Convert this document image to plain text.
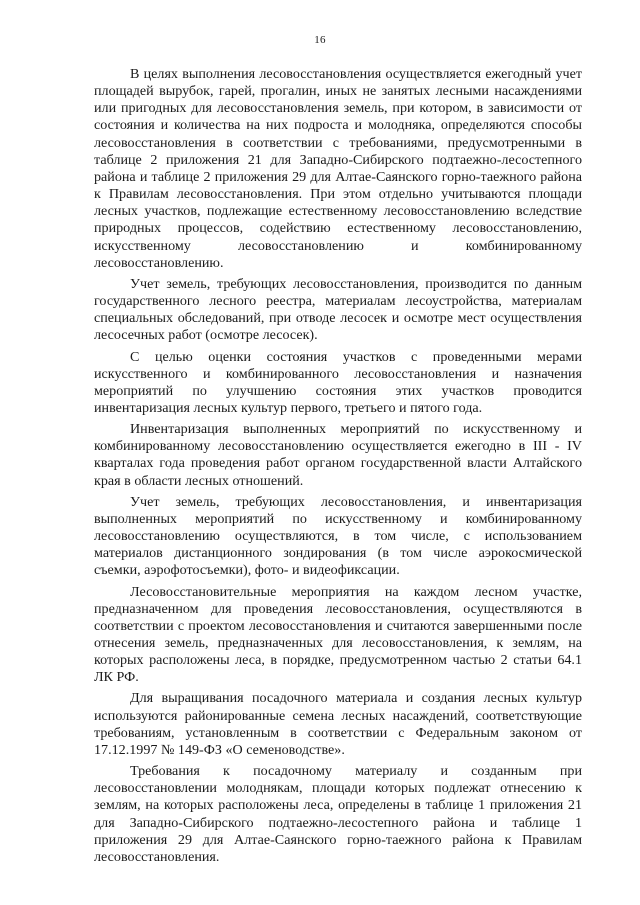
16

В целях выполнения лесовосстановления осуществляется ежегодный учет площадей вырубок, гарей, прогалин, иных не занятых лесными насаждениями или пригодных для лесовосстановления земель, при котором, в зависимости от состояния и количества на них подроста и молодняка, определяются способы лесовосстановления в соответствии с требованиями, предусмотренными в таблице 2 приложения 21 для Западно-Сибирского подтаежно-лесостепного района и таблице 2 приложения 29 для Алтае-Саянского горно-таежного района к Правилам лесовосстановления. При этом отдельно учитываются площади лесных участков, подлежащие естественному лесовосстановлению вследствие природных процессов, содействию естественному лесовосстановлению, искусственному лесовосстановлению и комбинированному лесовосстановлению.

Учет земель, требующих лесовосстановления, производится по данным государственного лесного реестра, материалам лесоустройства, материалам специальных обследований, при отводе лесосек и осмотре мест осуществления лесосечных работ (осмотре лесосек).

С целью оценки состояния участков с проведенными мерами искусственного и комбинированного лесовосстановления и назначения мероприятий по улучшению состояния этих участков проводится инвентаризация лесных культур первого, третьего и пятого года.

Инвентаризация выполненных мероприятий по искусственному и комбинированному лесовосстановлению осуществляется ежегодно в III - IV кварталах года проведения работ органом государственной власти Алтайского края в области лесных отношений.

Учет земель, требующих лесовосстановления, и инвентаризация выполненных мероприятий по искусственному и комбинированному лесовосстановлению осуществляются, в том числе, с использованием материалов дистанционного зондирования (в том числе аэрокосмической съемки, аэрофотосъемки), фото- и видеофиксации.

Лесовосстановительные мероприятия на каждом лесном участке, предназначенном для проведения лесовосстановления, осуществляются в соответствии с проектом лесовосстановления и считаются завершенными после отнесения земель, предназначенных для лесовосстановления, к землям, на которых расположены леса, в порядке, предусмотренном частью 2 статьи 64.1 ЛК РФ.

Для выращивания посадочного материала и создания лесных культур используются районированные семена лесных насаждений, соответствующие требованиям, установленным в соответствии с Федеральным законом от 17.12.1997 № 149-ФЗ «О семеноводстве».

Требования к посадочному материалу и созданным при лесовосстановлении молоднякам, площади которых подлежат отнесению к землям, на которых расположены леса, определены в таблице 1 приложения 21 для Западно-Сибирского подтаежно-лесостепного района и таблице 1 приложения 29 для Алтае-Саянского горно-таежного района к Правилам лесовосстановления.
